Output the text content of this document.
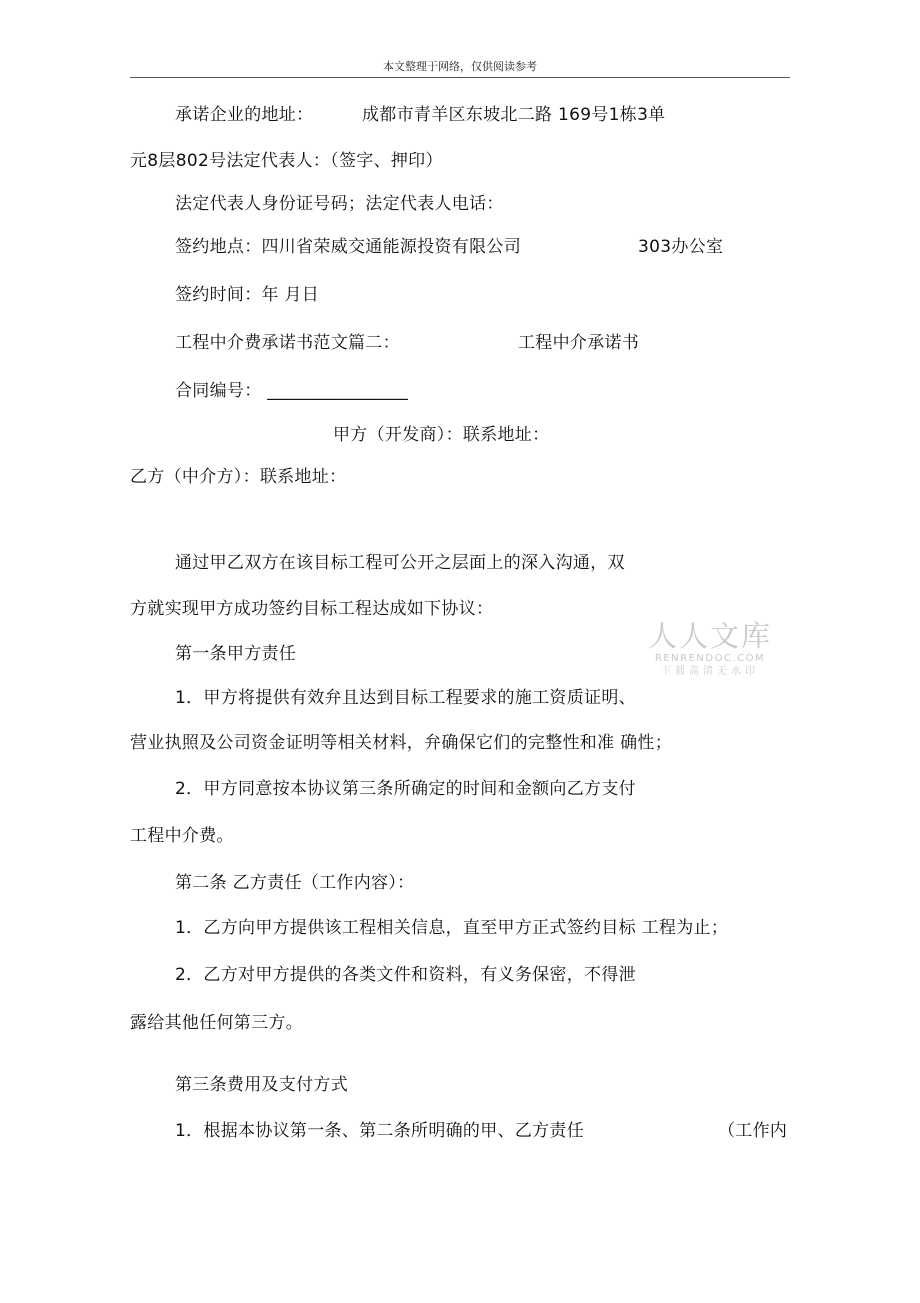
本文整理于网络，仅供阅读参考
承诺企业的地址：	成都市青羊区东坡北二路 169号1栋3单
元8层802号法定代表人：（签字、押印）
法定代表人身份证号码；法定代表人电话：
签约地点：四川省荣威交通能源投资有限公司	303办公室
签约时间：年 月日
工程中介费承诺书范文篇二：	工程中介承诺书
合同编号： ________________
甲方（开发商）：联系地址：
乙方（中介方）：联系地址：
通过甲乙双方在该目标工程可公开之层面上的深入沟通，双
方就实现甲方成功签约目标工程达成如下协议：
人人文库
RENRENDOC.COM
下载高清无水印
第一条甲方责任
1．甲方将提供有效弁且达到目标工程要求的施工资质证明、
营业执照及公司资金证明等相关材料，弁确保它们的完整性和准 确性；
2．甲方同意按本协议第三条所确定的时间和金额向乙方支付
工程中介费。
第二条 乙方责任（工作内容）：
1．乙方向甲方提供该工程相关信息，直至甲方正式签约目标 工程为止；
2．乙方对甲方提供的各类文件和资料，有义务保密，不得泄
露给其他任何第三方。
第三条费用及支付方式
1．根据本协议第一条、第二条所明确的甲、乙方责任	（工作内
